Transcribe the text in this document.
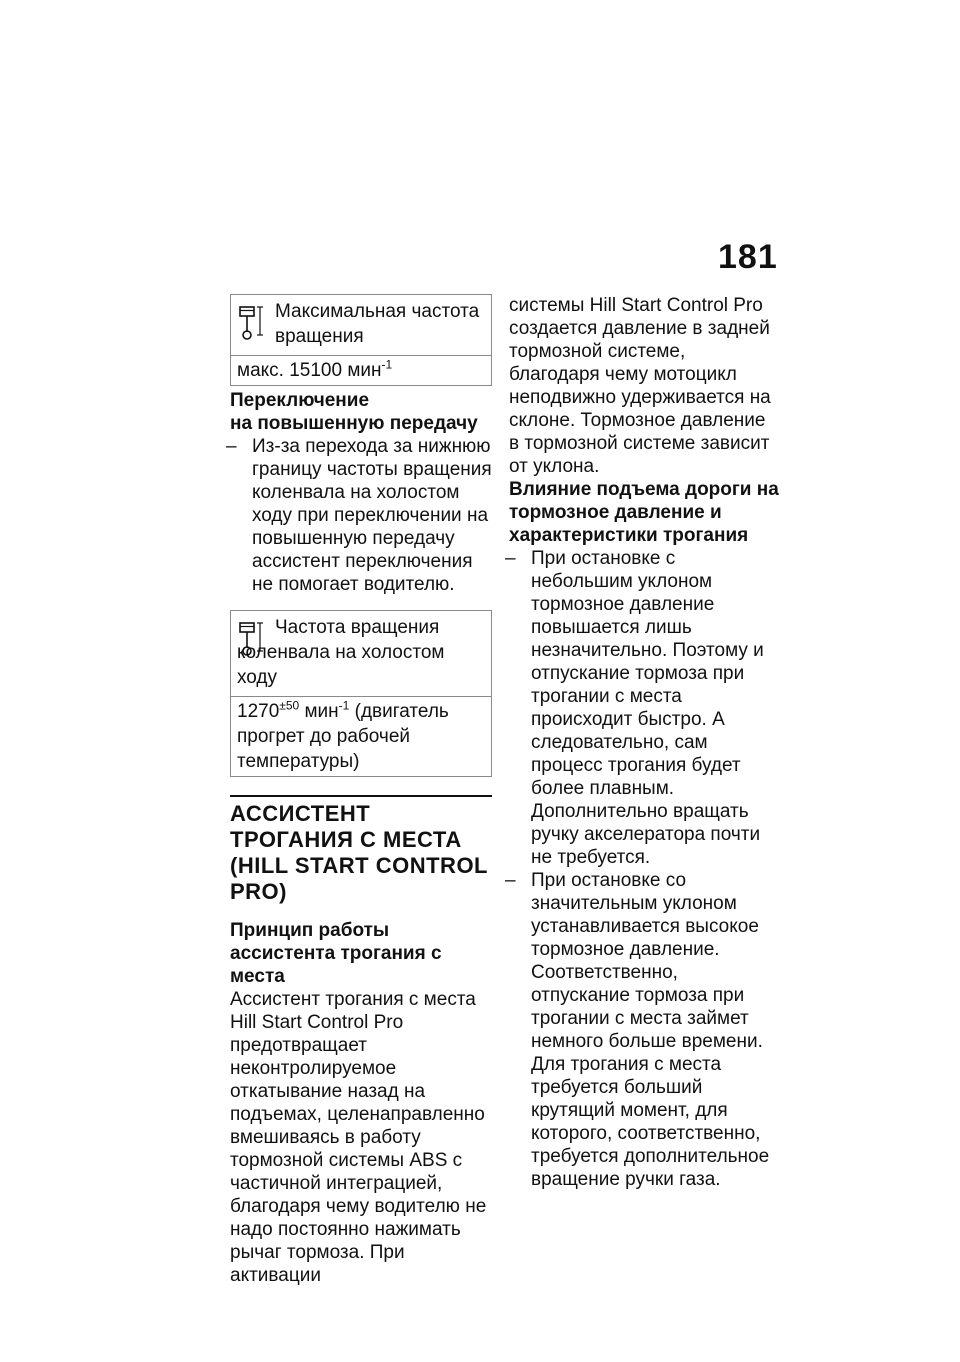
181
Максимальная частота вращения
макс. 15100 мин$^{-1}$
Переключение
на повышенную передачу
– Из-за перехода за нижнюю границу частоты вращения коленвала на холостом ходу при переключении на повышенную передачу ассистент переключения не помогает водителю.
Частота вращения коленвала на холостом ходу
$1270^{\pm 50}$ мин$^{-1}$ (двигатель прогрет до рабочей температуры)
АССИСТЕНТ ТРОГАНИЯ С МЕСТА (HILL START CONTROL PRO)
Принцип работы ассистента трогания с места
Ассистент трогания с места Hill Start Control Pro предотвращает неконтролируемое откатывание назад на подъемах, целенаправленно вмешиваясь в работу тормозной системы ABS с частичной интеграцией, благодаря чему водителю не надо постоянно нажимать рычаг тормоза. При активации
системы Hill Start Control Pro создается давление в задней тормозной системе, благодаря чему мотоцикл неподвижно удерживается на склоне. Тормозное давление в тормозной системе зависит от уклона.
Влияние подъема дороги на тормозное давление и характеристики трогания
– При остановке с небольшим уклоном тормозное давление повышается лишь незначительно. Поэтому и отпускание тормоза при трогании с места происходит быстро. А следовательно, сам процесс трогания будет более плавным. Дополнительно вращать ручку акселератора почти не требуется.
– При остановке со значительным уклоном устанавливается высокое тормозное давление. Соответственно, отпускание тормоза при трогании с места займет немного больше времени. Для трогания с места требуется больший крутящий момент, для которого, соответственно, требуется дополнительное вращение ручки газа.
